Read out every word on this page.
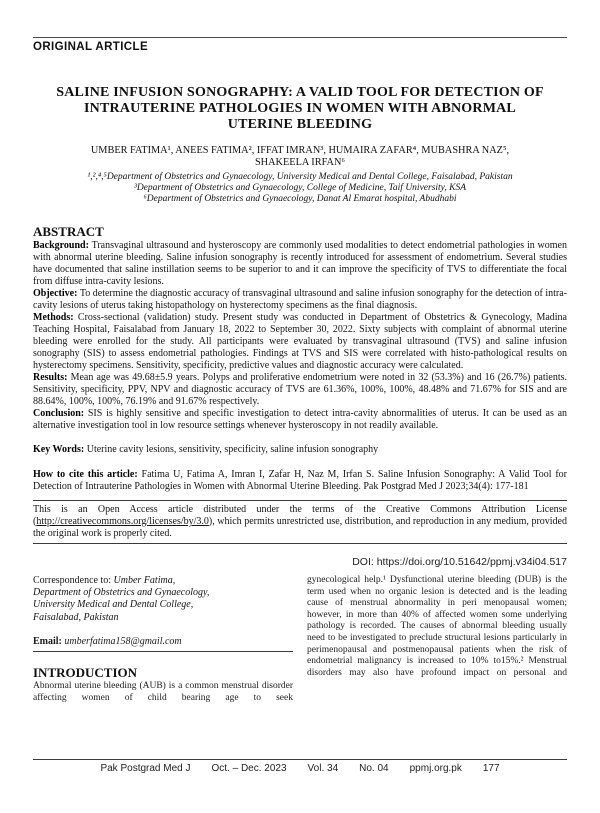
ORIGINAL ARTICLE
SALINE INFUSION SONOGRAPHY: A VALID TOOL FOR DETECTION OF
INTRAUTERINE PATHOLOGIES IN WOMEN WITH ABNORMAL
UTERINE BLEEDING
UMBER FATIMA¹, ANEES FATIMA², IFFAT IMRAN³, HUMAIRA ZAFAR⁴, MUBASHRA NAZ⁵,
SHAKEELA IRFAN⁶
¹,²,⁴,⁵Department of Obstetrics and Gynaecology, University Medical and Dental College, Faisalabad, Pakistan
³Department of Obstetrics and Gynaecology, College of Medicine, Taif University, KSA
⁶Department of Obstetrics and Gynaecology, Danat Al Emarat hospital, Abudhabi
ABSTRACT

Background: Transvaginal ultrasound and hysteroscopy are commonly used modalities to detect endometrial pathologies in women with abnormal uterine bleeding. Saline infusion sonography is recently introduced for assessment of endometrium. Several studies have documented that saline instillation seems to be superior to and it can improve the specificity of TVS to differentiate the focal from diffuse intra-cavity lesions.

Objective: To determine the diagnostic accuracy of transvaginal ultrasound and saline infusion sonography for the detection of intra-cavity lesions of uterus taking histopathology on hysterectomy specimens as the final diagnosis.

Methods: Cross-sectional (validation) study. Present study was conducted in Department of Obstetrics & Gynecology, Madina Teaching Hospital, Faisalabad from January 18, 2022 to September 30, 2022. Sixty subjects with complaint of abnormal uterine bleeding were enrolled for the study. All participants were evaluated by transvaginal ultrasound (TVS) and saline infusion sonography (SIS) to assess endometrial pathologies. Findings at TVS and SIS were correlated with histo-pathological results on hysterectomy specimens. Sensitivity, specificity, predictive values and diagnostic accuracy were calculated.

Results: Mean age was 49.68±5.9 years. Polyps and proliferative endometrium were noted in 32 (53.3%) and 16 (26.7%) patients. Sensitivity, specificity, PPV, NPV and diagnostic accuracy of TVS are 61.36%, 100%, 100%, 48.48% and 71.67% for SIS and are 88.64%, 100%, 100%, 76.19% and 91.67% respectively.

Conclusion: SIS is highly sensitive and specific investigation to detect intra-cavity abnormalities of uterus. It can be used as an alternative investigation tool in low resource settings whenever hysteroscopy in not readily available.

Key Words: Uterine cavity lesions, sensitivity, specificity, saline infusion sonography

How to cite this article: Fatima U, Fatima A, Imran I, Zafar H, Naz M, Irfan S. Saline Infusion Sonography: A Valid Tool for Detection of Intrauterine Pathologies in Women with Abnormal Uterine Bleeding. Pak Postgrad Med J 2023;34(4): 177-181

This is an Open Access article distributed under the terms of the Creative Commons Attribution License (http://creativecommons.org/licenses/by/3.0), which permits unrestricted use, distribution, and reproduction in any medium, provided the original work is properly cited.

DOI: https://doi.org/10.51642/ppmj.v34i04.517
Correspondence to: Umber Fatima,
Department of Obstetrics and Gynaecology,
University Medical and Dental College,
Faisalabad, Pakistan
Email: umberfatima158@gmail.com
INTRODUCTION

Abnormal uterine bleeding (AUB) is a common menstrual disorder affecting women of child bearing age to seek

gynecological help.¹ Dysfunctional uterine bleeding (DUB) is the term used when no organic lesion is detected and is the leading cause of menstrual abnormality in peri menopausal women; however, in more than 40% of affected women some underlying pathology is recorded. The causes of abnormal bleeding usually need to be investigated to preclude structural lesions particularly in perimenopausal and postmenopausal patients when the risk of endometrial malignancy is increased to 10% to15%.² Menstrual disorders may also have profound impact on personal and

Pak Postgrad Med J Oct. – Dec. 2023 Vol. 34 No. 04 ppmj.org.pk 177
